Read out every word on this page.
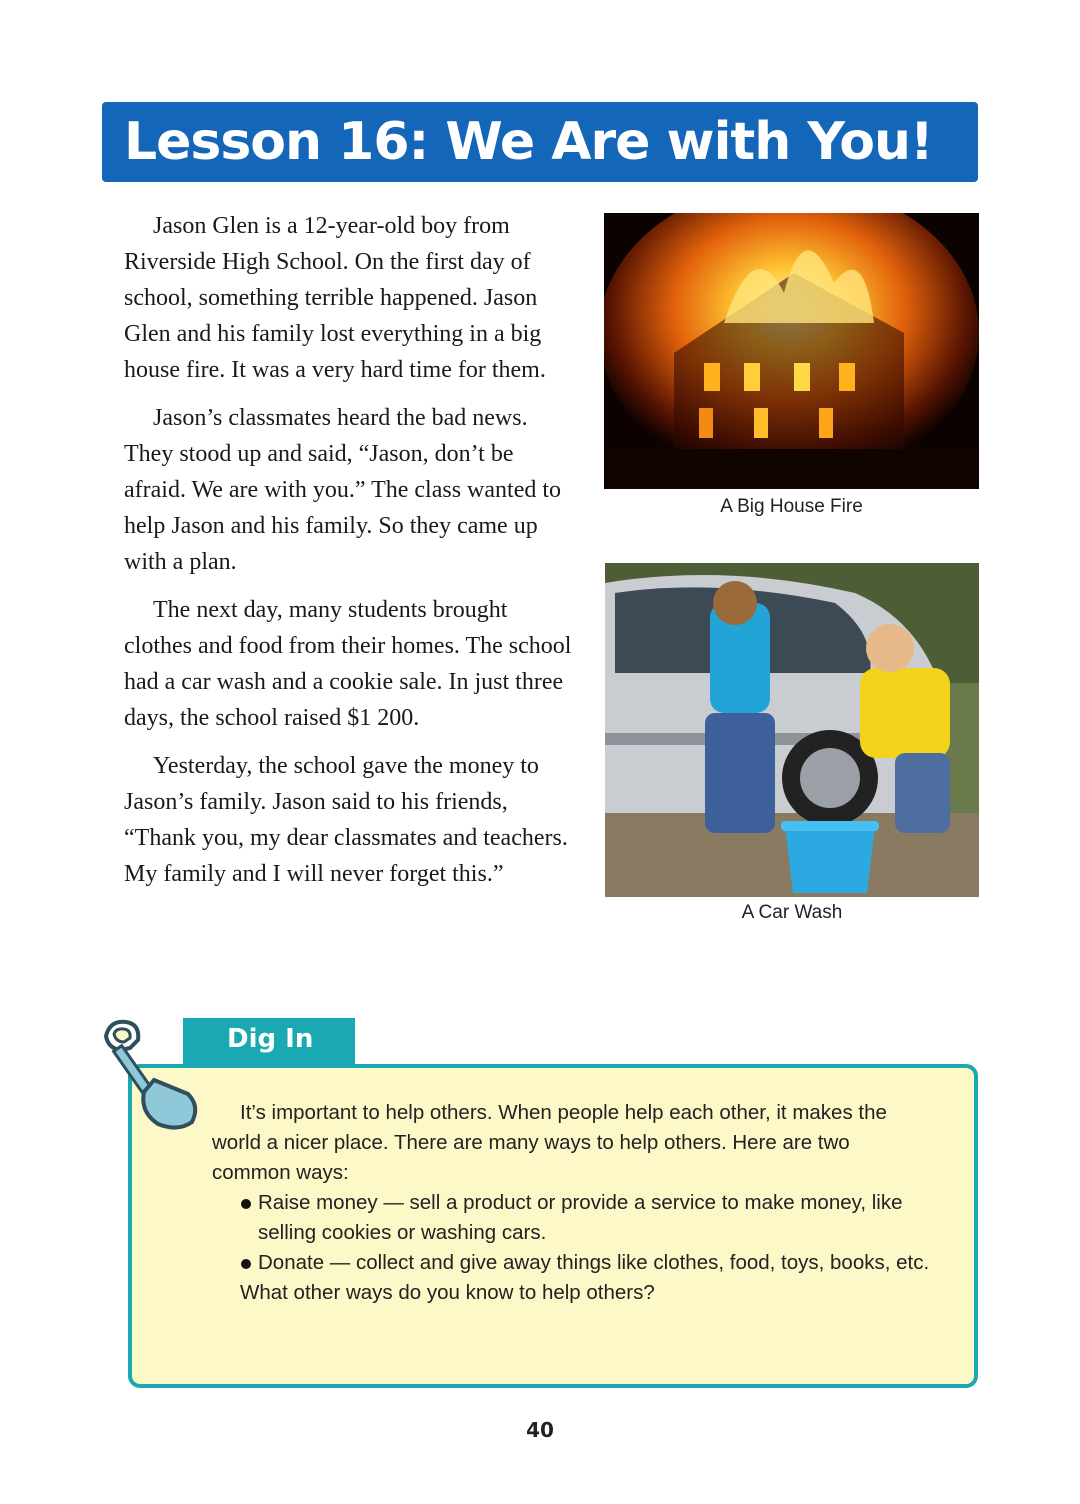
Lesson 16: We Are with You!

Jason Glen is a 12-year-old boy from Riverside High School. On the first day of school, something terrible happened. Jason Glen and his family lost everything in a big house fire. It was a very hard time for them.

Jason’s classmates heard the bad news. They stood up and said, “Jason, don’t be afraid. We are with you.” The class wanted to help Jason and his family. So they came up with a plan.

The next day, many students brought clothes and food from their homes. The school had a car wash and a cookie sale. In just three days, the school raised $1 200.

Yesterday, the school gave the money to Jason’s family. Jason said to his friends, “Thank you, my dear classmates and teachers. My family and I will never forget this.”

A Big House Fire
A Car Wash
Dig In

It’s important to help others. When people help each other, it makes the world a nicer place. There are many ways to help others. Here are two common ways:

Raise money — sell a product or provide a service to make money, like selling cookies or washing cars.
Donate — collect and give away things like clothes, food, toys, books, etc.

What other ways do you know to help others?

40
